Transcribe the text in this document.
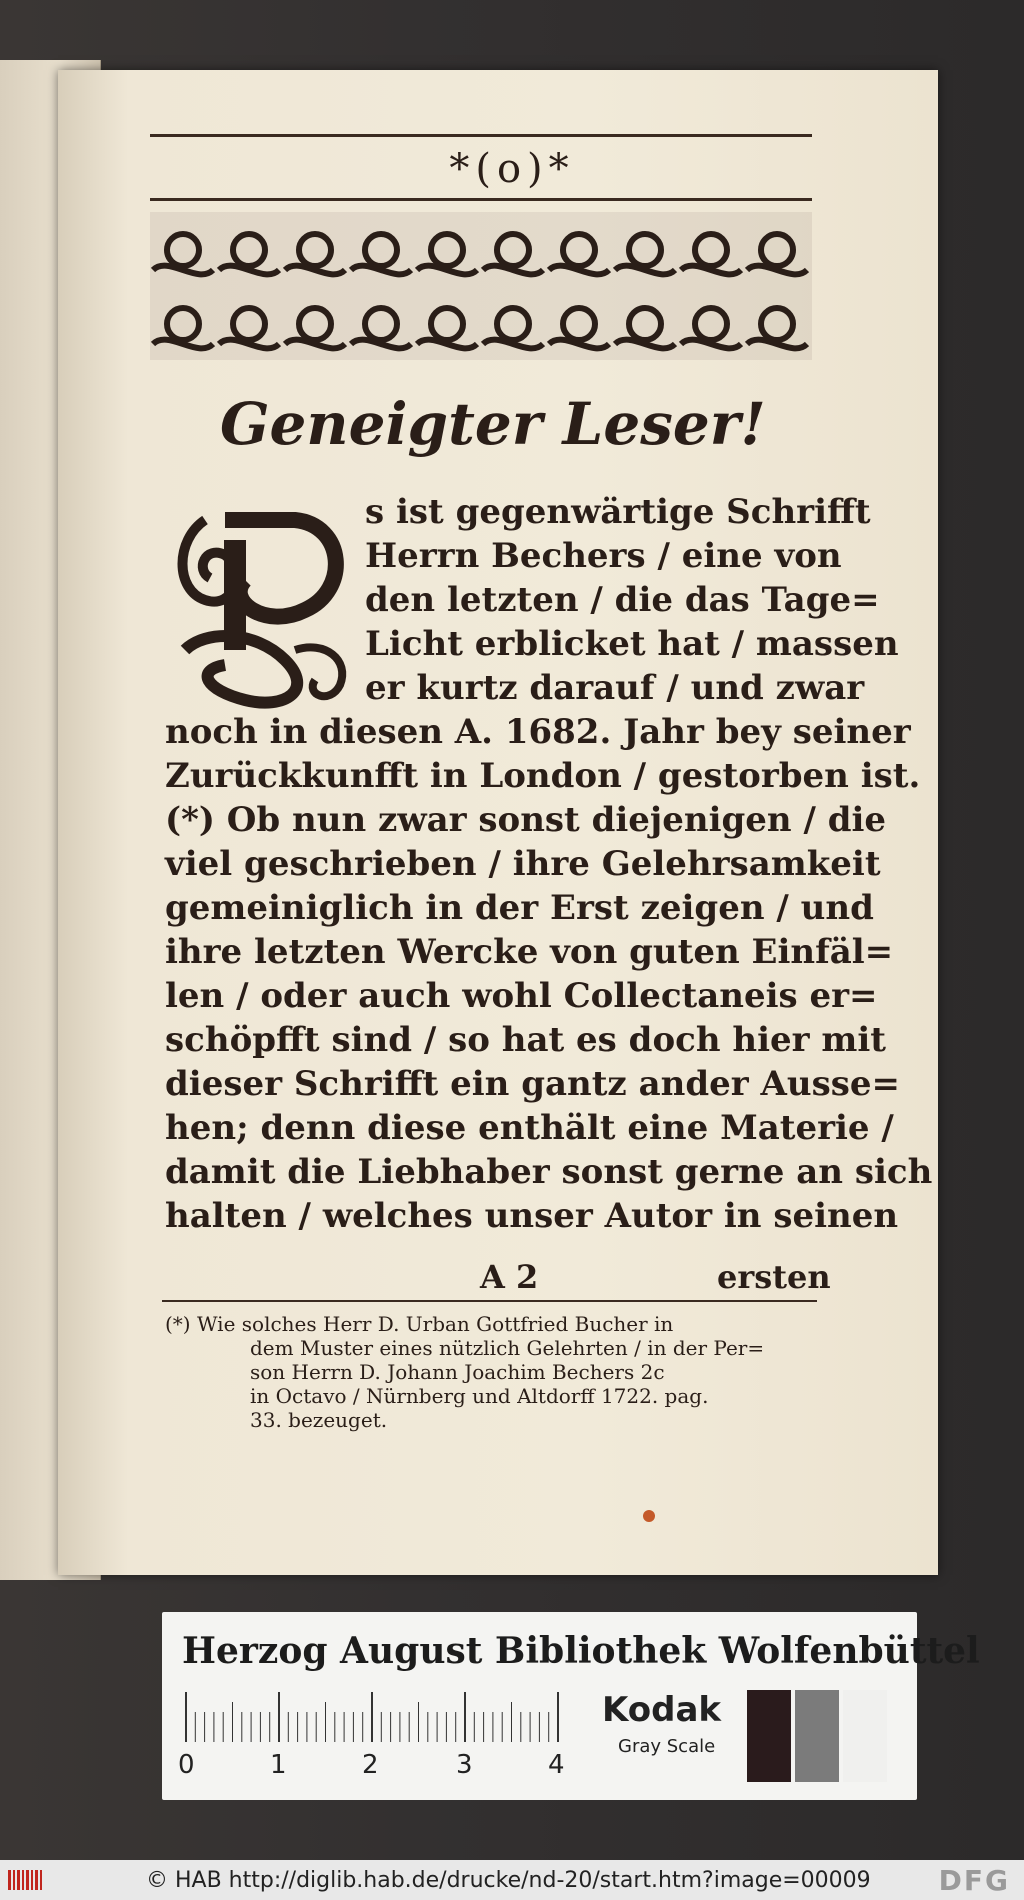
*(o)*
Geneigter Leser!
s ist gegenwärtige Schrifft
Herrn Bechers / eine von
den letzten / die das Tage=
Licht erblicket hat / massen
er kurtz darauf / und zwar
noch in diesen A. 1682. Jahr bey seiner
Zurückkunfft in London / gestorben ist.
(*) Ob nun zwar sonst diejenigen / die
viel geschrieben / ihre Gelehrsamkeit
gemeiniglich in der Erst zeigen / und
ihre letzten Wercke von guten Einfäl=
len / oder auch wohl Collectaneis er=
schöpfft sind / so hat es doch hier mit
dieser Schrifft ein gantz ander Ausse=
hen; denn diese enthält eine Materie /
damit die Liebhaber sonst gerne an sich
halten / welches unser Autor in seinen
A 2	ersten
(*) Wie solches Herr D. Urban Gottfried Bucher in
dem Muster eines nützlich Gelehrten / in der Per=
son Herrn D. Johann Joachim Bechers 2c
in Octavo / Nürnberg und Altdorff 1722. pag.
33. bezeuget.
Herzog August Bibliothek Wolfenbüttel
0	1	2	3	4
Kodak
Gray Scale
© HAB http://diglib.hab.de/drucke/nd-20/start.htm?image=00009 DFG
